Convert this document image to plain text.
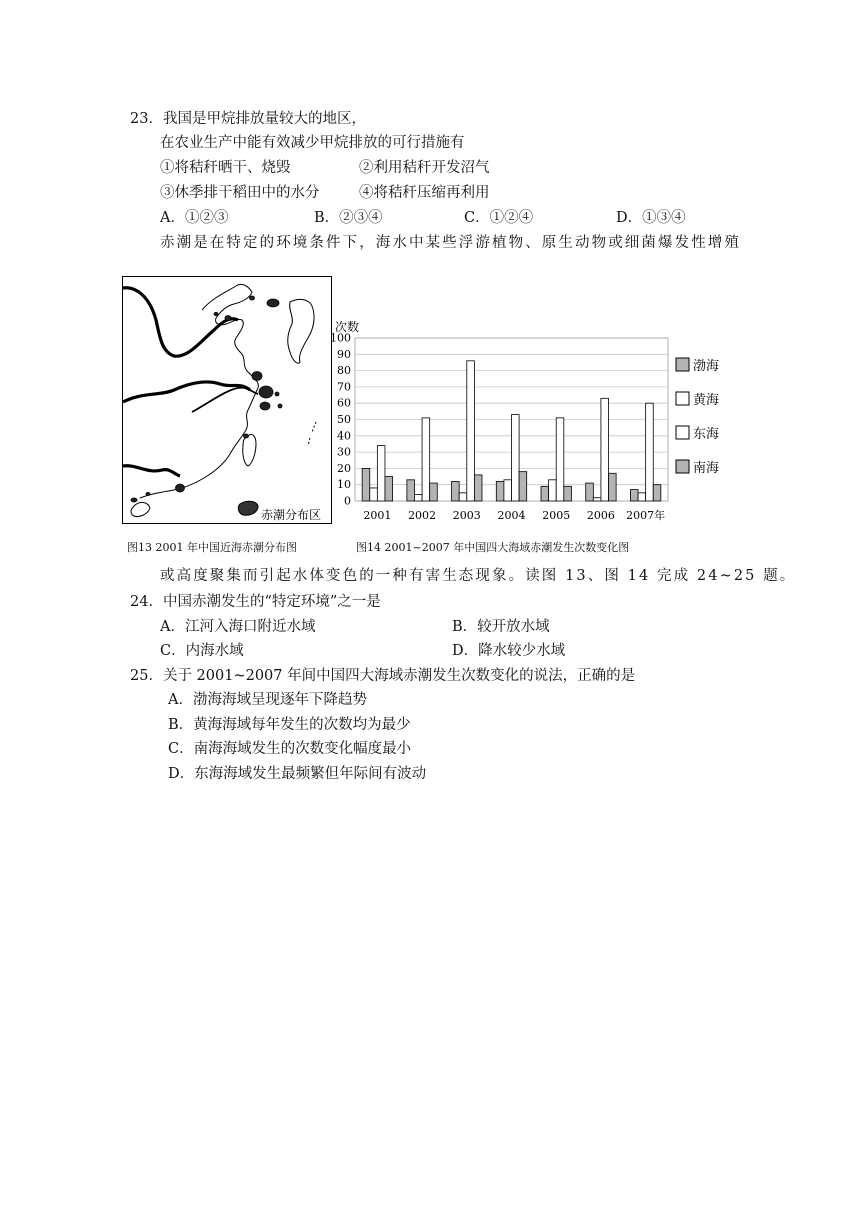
23．我国是甲烷排放量较大的地区，
在农业生产中能有效减少甲烷排放的可行措施有
①将秸秆晒干、烧毁	②利用秸秆开发沼气
③休季排干稻田中的水分	④将秸秆压缩再利用
A．①②③	B．②③④	C．①②④	D．①③④
赤潮是在特定的环境条件下，海水中某些浮游植物、原生动物或细菌爆发性增殖
赤潮分布区
0
10
20
30
40
50
60
70
80
90
100
次数
2001 2002 2003 2004 2005 2006 2007年
渤海
黄海
东海
南海
图13 2001 年中国近海赤潮分布图	图14 2001~2007 年中国四大海域赤潮发生次数变化图
或高度聚集而引起水体变色的一种有害生态现象。读图 13、图 14 完成 24~25 题。
24．中国赤潮发生的“特定环境”之一是
A．江河入海口附近水域	B．较开放水域
C．内海水域	D．降水较少水域
25．关于 2001~2007 年间中国四大海域赤潮发生次数变化的说法，正确的是
A．渤海海域呈现逐年下降趋势
B．黄海海域每年发生的次数均为最少
C．南海海域发生的次数变化幅度最小
D．东海海域发生最频繁但年际间有波动
